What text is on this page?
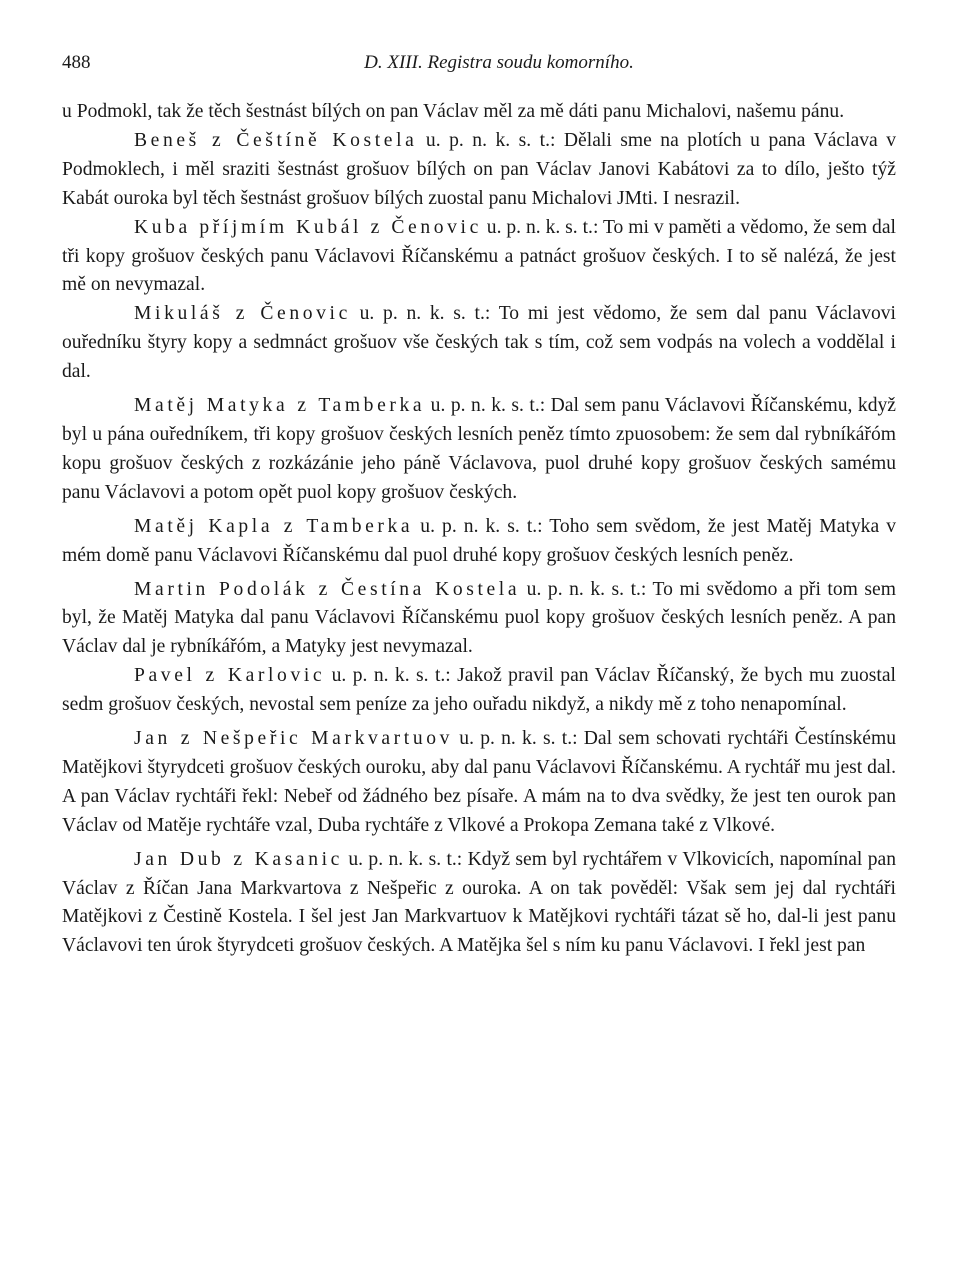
488	D. XIII. Registra soudu komorního.

u Podmokl, tak že těch šestnást bílých on pan Václav měl za mě dáti panu Michalovi, našemu pánu.

Beneš z Češtíně Kostela u. p. n. k. s. t.: Dělali sme na plotích u pana Václava v Podmoklech, i měl sraziti šestnást grošuov bílých on pan Václav Janovi Kabátovi za to dílo, ješto týž Kabát ouroka byl těch šestnást grošuov bílých zuostal panu Michalovi JMti. I nesrazil.

Kuba příjmím Kubál z Čenovic u. p. n. k. s. t.: To mi v paměti a vědomo, že sem dal tři kopy grošuov českých panu Václavovi Říčanskému a patnáct grošuov českých. I to sě nalézá, že jest mě on nevymazal.

Mikuláš z Čenovic u. p. n. k. s. t.: To mi jest vědomo, že sem dal panu Václavovi ouředníku štyry kopy a sedmnáct grošuov vše českých tak s tím, což sem vodpás na volech a voddělal i dal.

Matěj Matyka z Tamberka u. p. n. k. s. t.: Dal sem panu Václavovi Říčanskému, když byl u pána ouředníkem, tři kopy grošuov českých lesních peněz tímto zpuosobem: že sem dal rybníkářóm kopu grošuov českých z rozkázánie jeho páně Václavova, puol druhé kopy grošuov českých samému panu Václavovi a potom opět puol kopy grošuov českých.

Matěj Kapla z Tamberka u. p. n. k. s. t.: Toho sem svědom, že jest Matěj Matyka v mém domě panu Václavovi Říčanskému dal puol druhé kopy grošuov českých lesních peněz.

Martin Podolák z Čestína Kostela u. p. n. k. s. t.: To mi svědomo a při tom sem byl, že Matěj Matyka dal panu Václavovi Říčanskému puol kopy grošuov českých lesních peněz. A pan Václav dal je rybníkářóm, a Matyky jest nevymazal.

Pavel z Karlovic u. p. n. k. s. t.: Jakož pravil pan Václav Říčanský, že bych mu zuostal sedm grošuov českých, nevostal sem peníze za jeho ouřadu nikdyž, a nikdy mě z toho nenapomínal.

Jan z Nešpeřic Markvartuov u. p. n. k. s. t.: Dal sem schovati rychtáři Čestínskému Matějkovi štyrydceti grošuov českých ouroku, aby dal panu Václavovi Říčanskému. A rychtář mu jest dal. A pan Václav rychtáři řekl: Nebeř od žádného bez písaře. A mám na to dva svědky, že jest ten ourok pan Václav od Matěje rychtáře vzal, Duba rychtáře z Vlkové a Prokopa Zemana také z Vlkové.

Jan Dub z Kasanic u. p. n. k. s. t.: Když sem byl rychtářem v Vlkovicích, napomínal pan Václav z Říčan Jana Markvartova z Nešpeřic z ouroka. A on tak pověděl: Však sem jej dal rychtáři Matějkovi z Čestině Kostela. I šel jest Jan Markvartuov k Matějkovi rychtáři tázat sě ho, dal-li jest panu Václavovi ten úrok štyrydceti grošuov českých. A Matějka šel s ním ku panu Václavovi. I řekl jest pan
